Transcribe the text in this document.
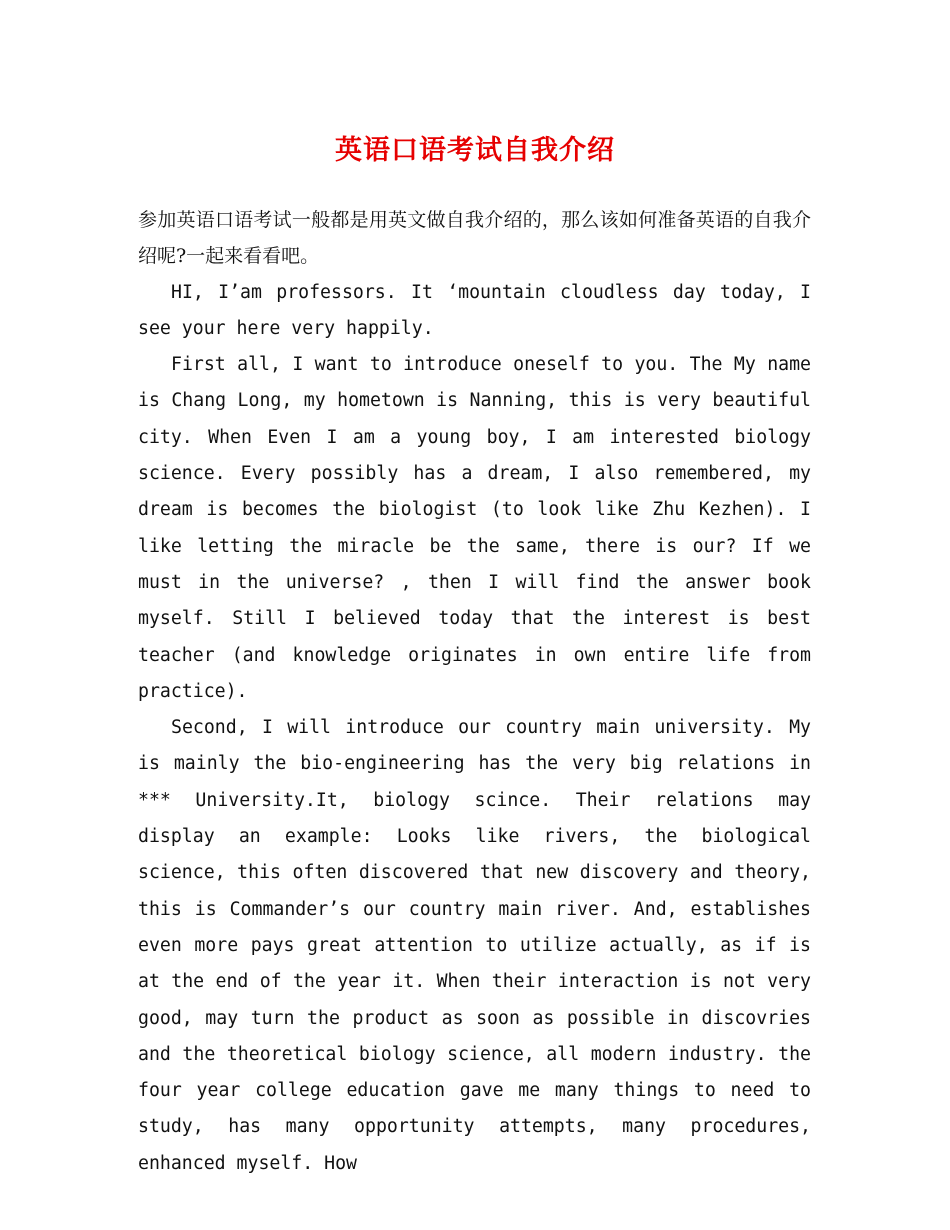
英语口语考试自我介绍

参加英语口语考试一般都是用英文做自我介绍的，那么该如何准备英语的自我介绍呢?一起来看看吧。

HI, I’am professors. It ‘mountain cloudless day today, I see your here very happily.

First all, I want to introduce oneself to you. The My name is Chang Long, my hometown is Nanning, this is very beautiful city. When Even I am a young boy, I am interested biology science. Every possibly has a dream, I also remembered, my dream is becomes the biologist (to look like Zhu Kezhen). I like letting the miracle be the same, there is our? If we must in the universe? , then I will find the answer book myself. Still I believed today that the interest is best teacher (and knowledge originates in own entire life from practice).

Second, I will introduce our country main university. My is mainly the bio-engineering has the very big relations in *** University.It, biology scince. Their relations may display an example: Looks like rivers, the biological science, this often discovered that new discovery and theory, this is Commander’s our country main river. And, establishes even more pays great attention to utilize actually, as if is at the end of the year it. When their interaction is not very good, may turn the product as soon as possible in discovries and the theoretical biology science, all modern industry. the four year college education gave me many things to need to study, has many opportunity attempts, many procedures, enhanced myself. How
